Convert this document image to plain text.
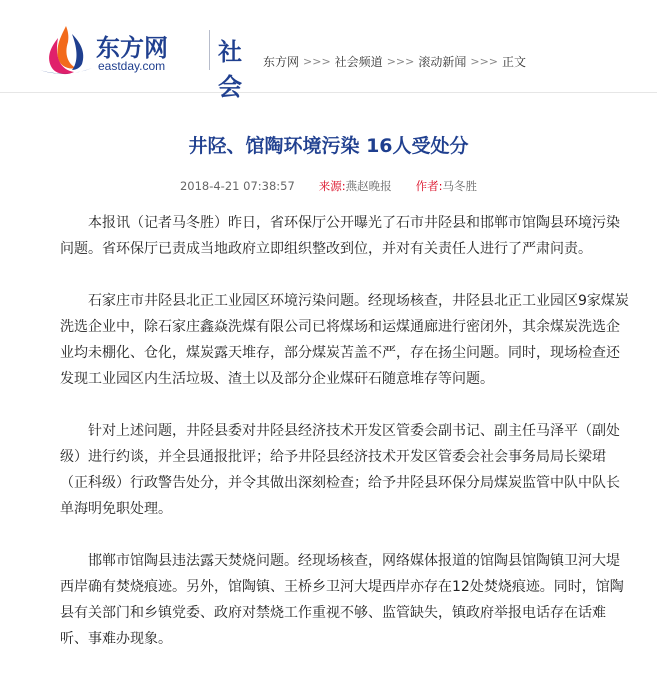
东方网
eastday.com 社会
东方网 >>> 社会频道 >>> 滚动新闻 >>> 正文
井陉、馆陶环境污染 16人受处分
2018-4-21 07:38:57 来源: 燕赵晚报 作者: 马冬胜

本报讯（记者马冬胜）昨日，省环保厅公开曝光了石市井陉县和邯郸市馆陶县环境污染问题。省环保厅已责成当地政府立即组织整改到位，并对有关责任人进行了严肃问责。

石家庄市井陉县北正工业园区环境污染问题。经现场核查，井陉县北正工业园区9家煤炭洗选企业中，除石家庄鑫焱洗煤有限公司已将煤场和运煤通廊进行密闭外，其余煤炭洗选企业均未棚化、仓化，煤炭露天堆存，部分煤炭苫盖不严，存在扬尘问题。同时，现场检查还发现工业园区内生活垃圾、渣土以及部分企业煤矸石随意堆存等问题。

针对上述问题，井陉县委对井陉县经济技术开发区管委会副书记、副主任马泽平（副处级）进行约谈，并全县通报批评；给予井陉县经济技术开发区管委会社会事务局局长梁珺（正科级）行政警告处分，并令其做出深刻检查；给予井陉县环保分局煤炭监管中队中队长单海明免职处理。

邯郸市馆陶县违法露天焚烧问题。经现场核查，网络媒体报道的馆陶县馆陶镇卫河大堤西岸确有焚烧痕迹。另外，馆陶镇、王桥乡卫河大堤西岸亦存在12处焚烧痕迹。同时，馆陶县有关部门和乡镇党委、政府对禁烧工作重视不够、监管缺失，镇政府举报电话存在话难听、事难办现象。
